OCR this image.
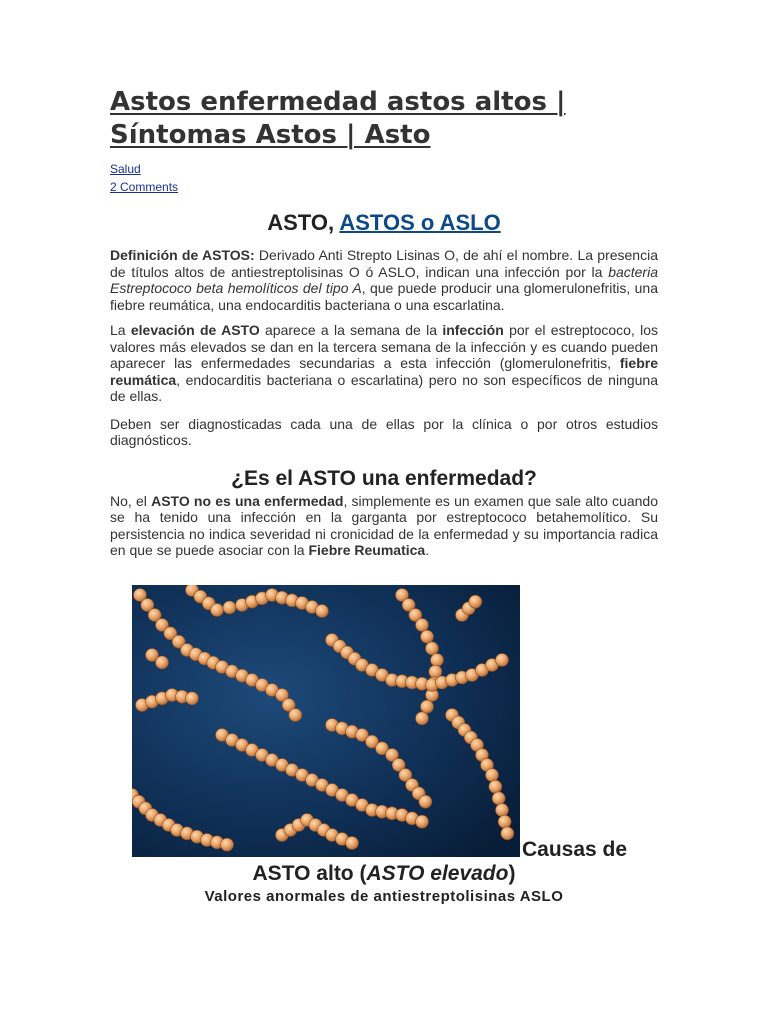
Astos enfermedad astos altos | Síntomas Astos | Asto
Salud
2 Comments
ASTO, ASTOS o ASLO

Definición de ASTOS: Derivado Anti Strepto Lisinas O, de ahí el nombre. La presencia de títulos altos de antiestreptolisinas O ó ASLO, indican una infección por la bacteria Estreptococo beta hemolíticos del tipo A, que puede producir una glomerulonefritis, una fiebre reumática, una endocarditis bacteriana o una escarlatina.

La elevación de ASTO aparece a la semana de la infección por el estreptococo, los valores más elevados se dan en la tercera semana de la infección y es cuando pueden aparecer las enfermedades secundarias a esta infección (glomerulonefritis, fiebre reumática, endocarditis bacteriana o escarlatina) pero no son específicos de ninguna de ellas.

Deben ser diagnosticadas cada una de ellas por la clínica o por otros estudios diagnósticos.

¿Es el ASTO una enfermedad?

No, el ASTO no es una enfermedad, simplemente es un examen que sale alto cuando se ha tenido una infección en la garganta por estreptococo betahemolítico. Su persistencia no indica severidad ni cronicidad de la enfermedad y su importancia radica en que se puede asociar con la Fiebre Reumatica.

Causas de
ASTO alto (ASTO elevado)
Valores anormales de antiestreptolisinas ASLO
